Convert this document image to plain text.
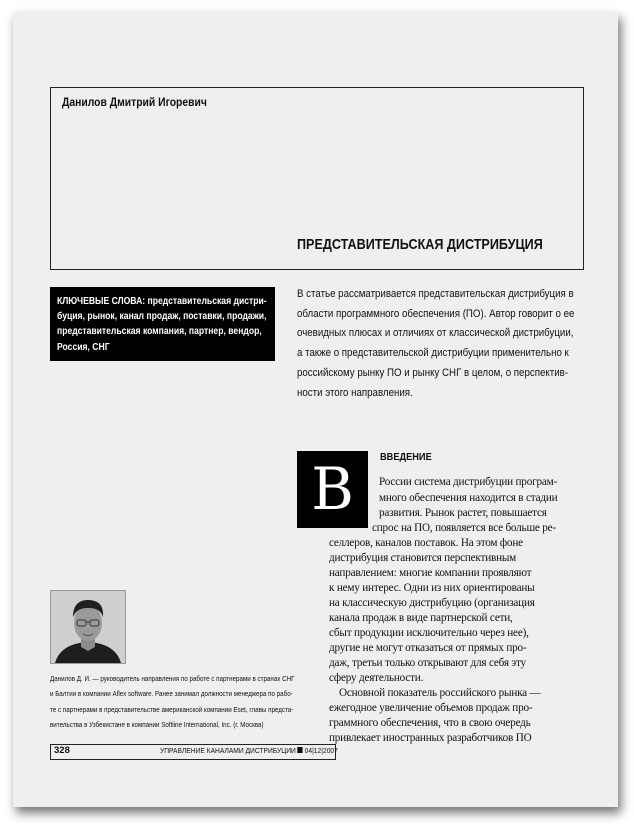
Данилов Дмитрий Игоревич
ПРЕДСТАВИТЕЛЬСКАЯ ДИСТРИБУЦИЯ
КЛЮЧЕВЫЕ СЛОВА: представительская дистри-
буция, рынок, канал продаж, поставки, продажи,
представительская компания, партнер, вендор,
Россия, СНГ
В статье рассматривается представительская дистрибуция в
области программного обеспечения (ПО). Автор говорит о ее
очевидных плюсах и отличиях от классической дистрибуции,
а также о представительской дистрибуции применительно к
российскому рынку ПО и рынку СНГ в целом, о перспектив-
ности этого направления.
В	ВВЕДЕНИЕ
России система дистрибуции програм-
много обеспечения находится в стадии
развития. Рынок растет, повышается
спрос на ПО, появляется все больше ре-
селлеров, каналов поставок. На этом фоне
дистрибуция становится перспективным
направлением: многие компании проявляют
к нему интерес. Одни из них ориентированы
на классическую дистрибуцию (организация
канала продаж в виде партнерской сети,
сбыт продукции исключительно через нее),
другие не могут отказаться от прямых про-
даж, третьи только открывают для себя эту
сферу деятельности.
Основной показатель российского рынка —
ежегодное увеличение объемов продаж про-
граммного обеспечения, что в свою очередь
привлекает иностранных разработчиков ПО
Данилов Д. И. — руководитель направления по работе с партнерами в странах СНГ
и Балтии в компании Aflex software. Ранее занимал должности менеджера по рабо-
те с партнерами в представительстве американской компании Eset, главы предста-
вительства в Узбекистане в компании Softline International, Inc. (г. Москва)
328	УПРАВЛЕНИЕ КАНАЛАМИ ДИСТРИБУЦИИ 04|12|2007
